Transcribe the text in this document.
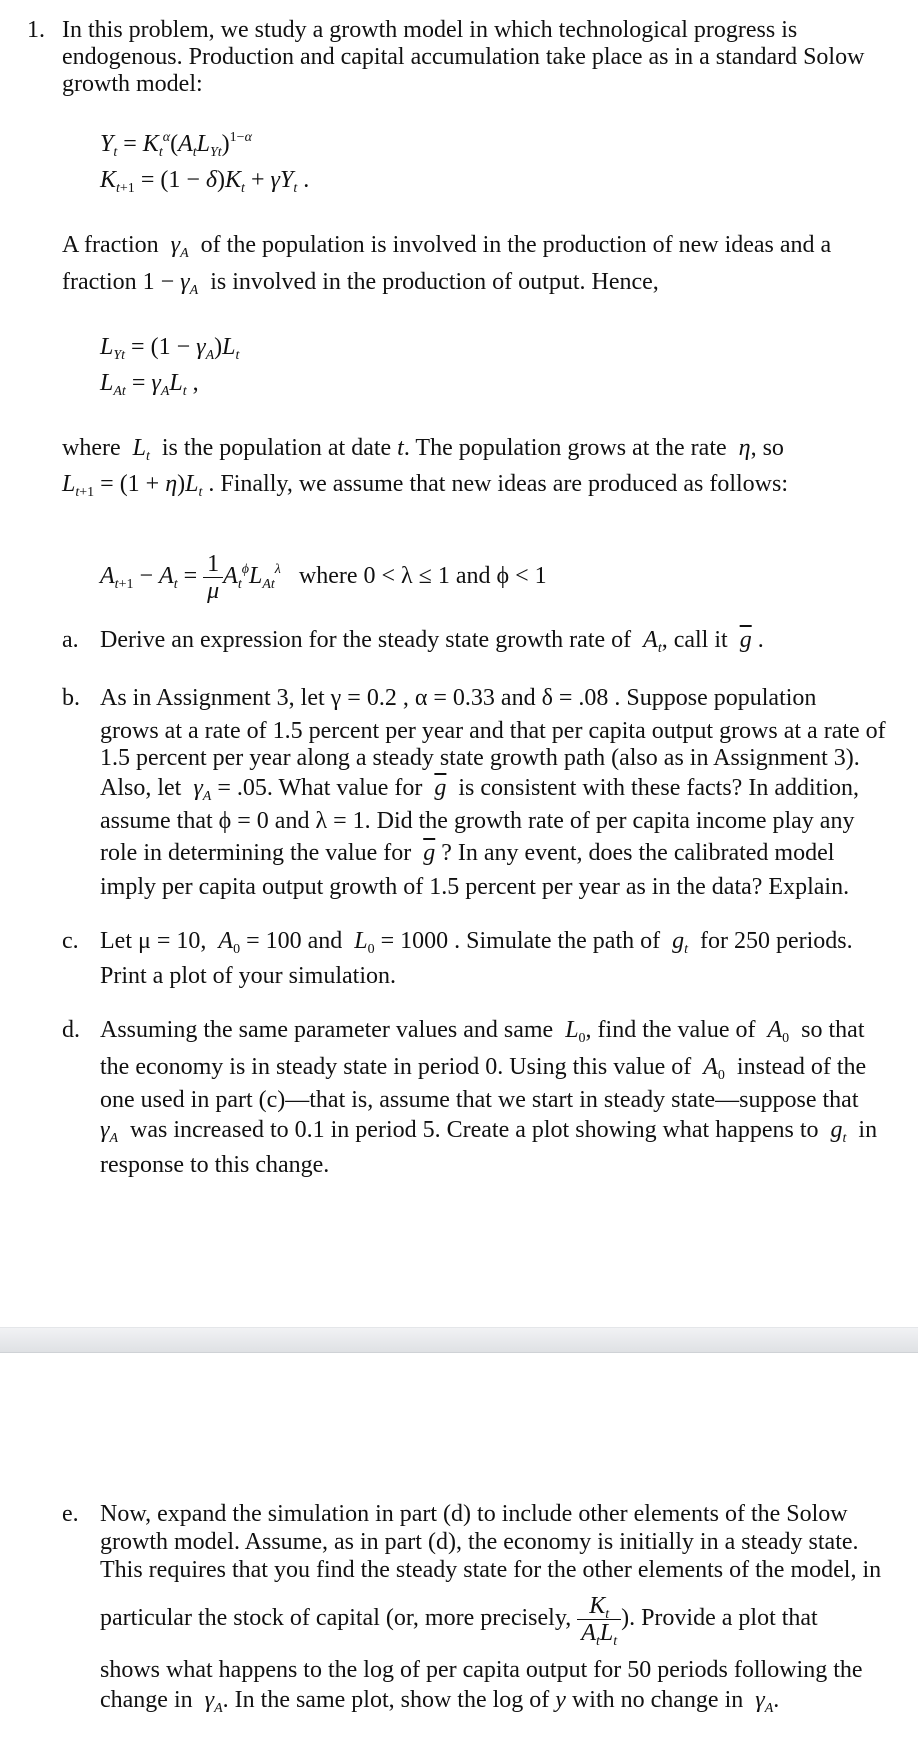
1. In this problem, we study a growth model in which technological progress is
endogenous. Production and capital accumulation take place as in a standard Solow
growth model:
$Y_t = K_t^\alpha(A_tL_{Yt})^{1-\alpha}$
$K_{t+1} = (1 - \delta)K_t + \gamma Y_t$ .
A fraction $\gamma_A$ of the population is involved in the production of new ideas and a
fraction $1 - \gamma_A$ is involved in the production of output. Hence,
$L_{Yt} = (1 - \gamma_A)L_t$
$L_{At} = \gamma_AL_t$ ,
where $L_t$ is the population at date t. The population grows at the rate η, so
$L_{t+1} = (1 + \eta)L_t$ . Finally, we assume that new ideas are produced as follows:
$A_{t+1} - A_t = \frac{1}{\mu} A_t^\phi L_{At}^\lambda$ where 0 < λ ≤ 1 and ϕ < 1
a. Derive an expression for the steady state growth rate of $A_t$, call it $\overline{g}$ .
b. As in Assignment 3, let γ = 0.2 , α = 0.33 and δ = .08 . Suppose population
grows at a rate of 1.5 percent per year and that per capita output grows at a rate of
1.5 percent per year along a steady state growth path (also as in Assignment 3).
Also, let $\gamma_A = .05$. What value for $\overline{g}$ is consistent with these facts? In addition,
assume that ϕ = 0 and λ = 1. Did the growth rate of per capita income play any
role in determining the value for $\overline{g}$ ? In any event, does the calibrated model
imply per capita output growth of 1.5 percent per year as in the data? Explain.
c. Let μ = 10, $A_0 = 100$ and $L_0 = 1000$ . Simulate the path of $g_t$ for 250 periods.
Print a plot of your simulation.
d. Assuming the same parameter values and same $L_0$, find the value of $A_0$ so that
the economy is in steady state in period 0. Using this value of $A_0$ instead of the
one used in part (c)—that is, assume that we start in steady state—suppose that
$\gamma_A$ was increased to 0.1 in period 5. Create a plot showing what happens to $g_t$ in
response to this change.
e. Now, expand the simulation in part (d) to include other elements of the Solow
growth model. Assume, as in part (d), the economy is initially in a steady state.
This requires that you find the steady state for the other elements of the model, in
particular the stock of capital (or, more precisely, $\frac{K_t}{A_tL_t}$ ). Provide a plot that
shows what happens to the log of per capita output for 50 periods following the
change in $\gamma_A$. In the same plot, show the log of y with no change in $\gamma_A$.
